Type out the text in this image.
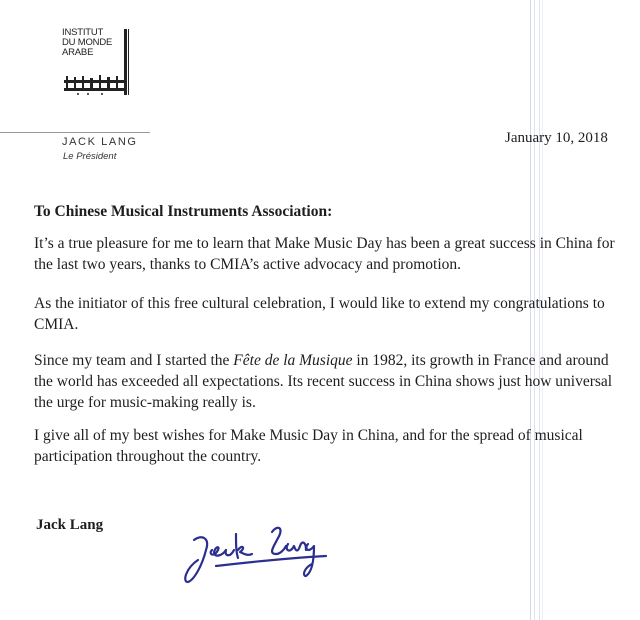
INSTITUT
DU MONDE
ARABE
JACK LANG
Le Président
January 10, 2018
To Chinese Musical Instruments Association:
It’s a true pleasure for me to learn that Make Music Day has been a great success in China for the last two years, thanks to CMIA’s active advocacy and promotion.
As the initiator of this free cultural celebration, I would like to extend my congratulations to CMIA.
Since my team and I started the Fête de la Musique in 1982, its growth in France and around the world has exceeded all expectations. Its recent success in China shows just how universal the urge for music-making really is.
I give all of my best wishes for Make Music Day in China, and for the spread of musical participation throughout the country.
Jack Lang
